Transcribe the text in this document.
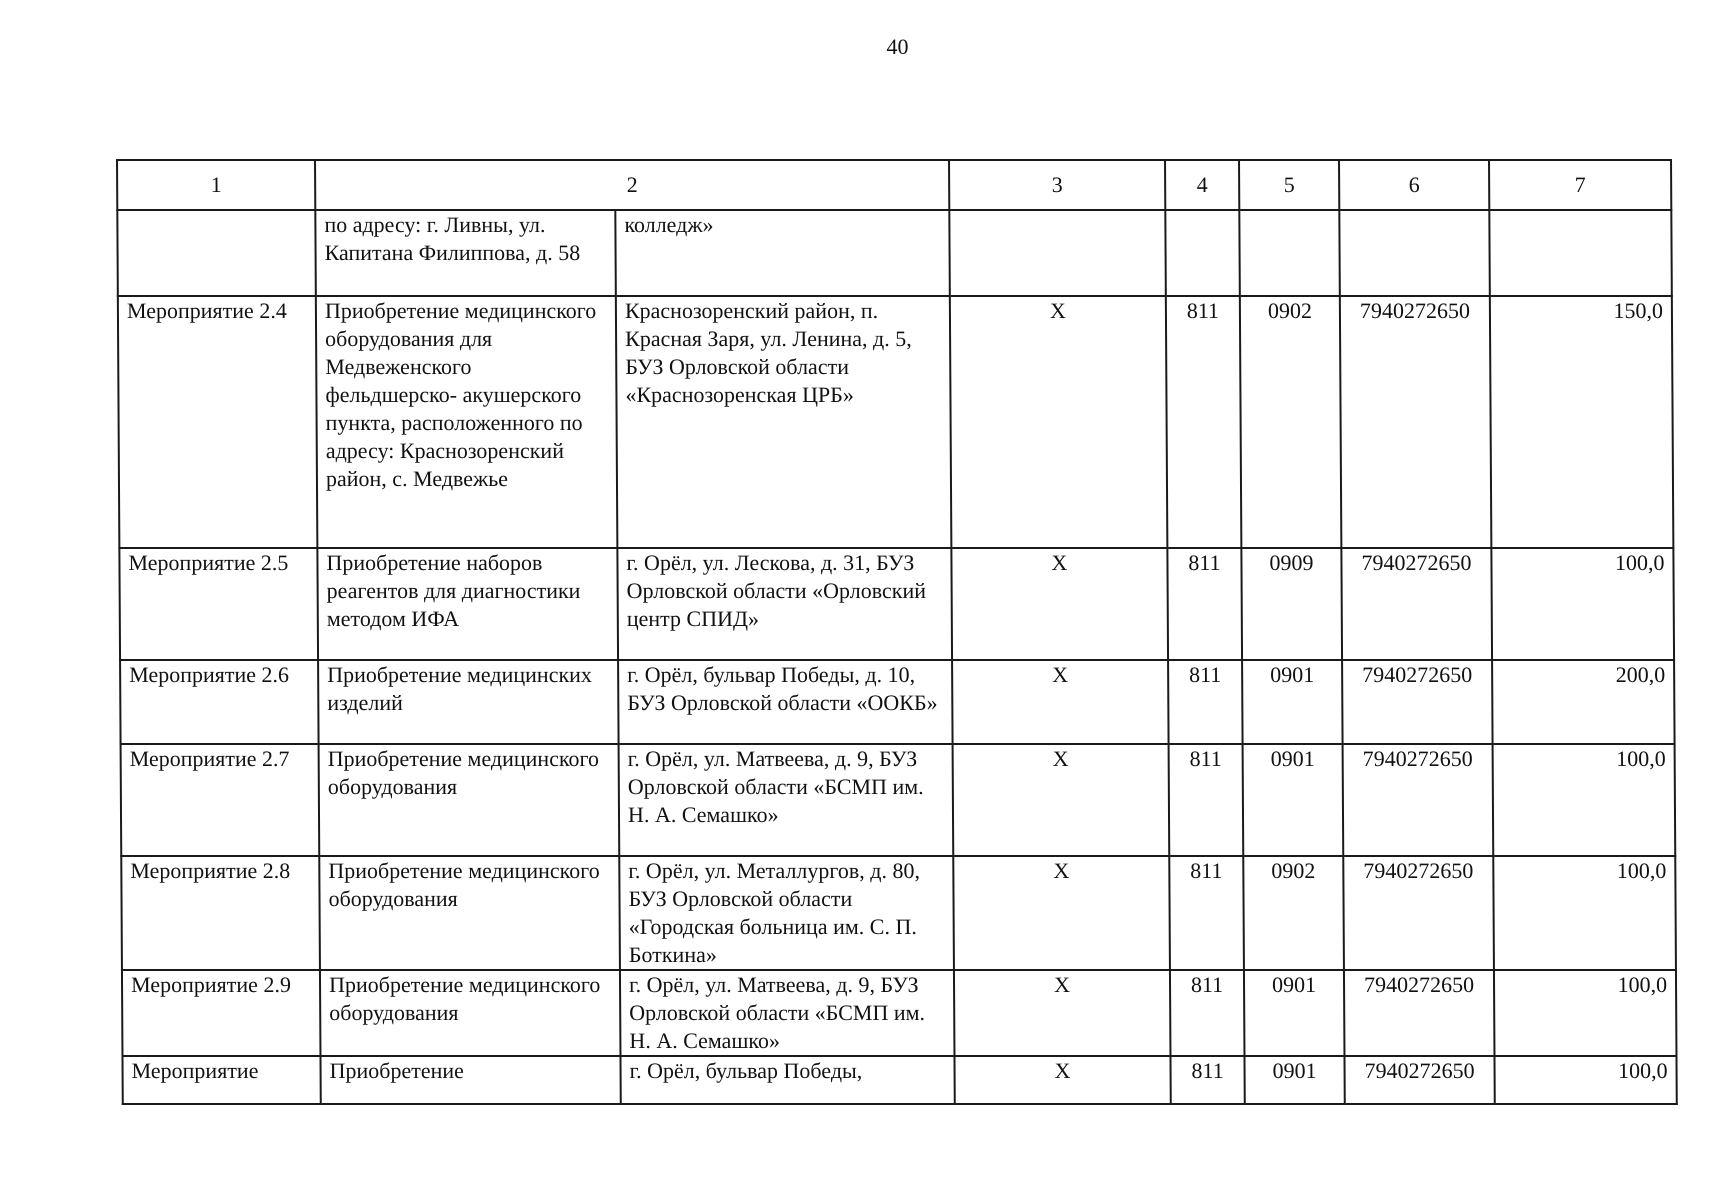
40
1	2		3	4	5	6	7
	по адресу: г. Ливны, ул. Капитана Филиппова, д. 58	колледж»					
Мероприятие 2.4	Приобретение медицинского оборудования для Медвеженского фельдшерско- акушерского пункта, расположенного по адресу: Краснозоренский район, с. Медвежье	Краснозоренский район, п. Красная Заря, ул. Ленина, д. 5, БУЗ Орловской области «Краснозоренская ЦРБ»	X	811	0902	7940272650	150,0
Мероприятие 2.5	Приобретение наборов реагентов для диагностики методом ИФА	г. Орёл, ул. Лескова, д. 31, БУЗ Орловской области «Орловский центр СПИД»	X	811	0909	7940272650	100,0
Мероприятие 2.6	Приобретение медицинских изделий	г. Орёл, бульвар Победы, д. 10, БУЗ Орловской области «ООКБ»	X	811	0901	7940272650	200,0
Мероприятие 2.7	Приобретение медицинского оборудования	г. Орёл, ул. Матвеева, д. 9, БУЗ Орловской области «БСМП им. Н. А. Семашко»	X	811	0901	7940272650	100,0
Мероприятие 2.8	Приобретение медицинского оборудования	г. Орёл, ул. Металлургов, д. 80, БУЗ Орловской области «Городская больница им. С. П. Боткина»	X	811	0902	7940272650	100,0
Мероприятие 2.9	Приобретение медицинского оборудования	г. Орёл, ул. Матвеева, д. 9, БУЗ Орловской области «БСМП им. Н. А. Семашко»	X	811	0901	7940272650	100,0
Мероприятие	Приобретение	г. Орёл, бульвар Победы,	X	811	0901	7940272650	100,0
